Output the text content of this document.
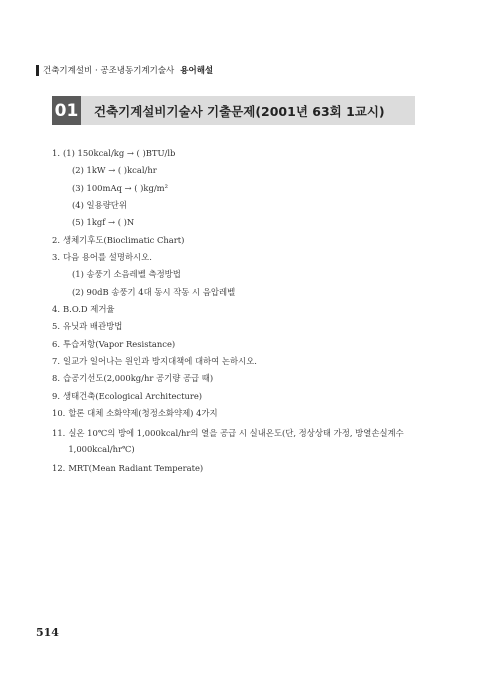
건축기계설비 · 공조냉동기계기술사 용어해설
01 건축기계설비기술사 기출문제(2001년 63회 1교시)
1. (1) 150kcal/kg → ( )BTU/lb
(2) 1kW → ( )kcal/hr
(3) 100mAq → ( )kg/m²
(4) 일용량단위
(5) 1kgf → ( )N
2. 생체기후도(Bioclimatic Chart)
3. 다음 용어를 설명하시오.
(1) 송풍기 소음레벨 측정방법
(2) 90dB 송풍기 4대 동시 작동 시 음압레벨
4. B.O.D 제거율
5. 유닛과 배관방법
6. 투습저항(Vapor Resistance)
7. 일교가 일어나는 원인과 방지대책에 대하여 논하시오.
8. 습공기선도(2,000kg/hr 공기량 공급 때)
9. 생태건축(Ecological Architecture)
10. 할론 대체 소화약제(청정소화약제) 4가지
11. 실온 10℃의 방에 1,000kcal/hr의 열을 공급 시 실내온도(단, 정상상태 가정, 방열손실계수 1,000kcal/hr℃)
12. MRT(Mean Radiant Temperate)
514
